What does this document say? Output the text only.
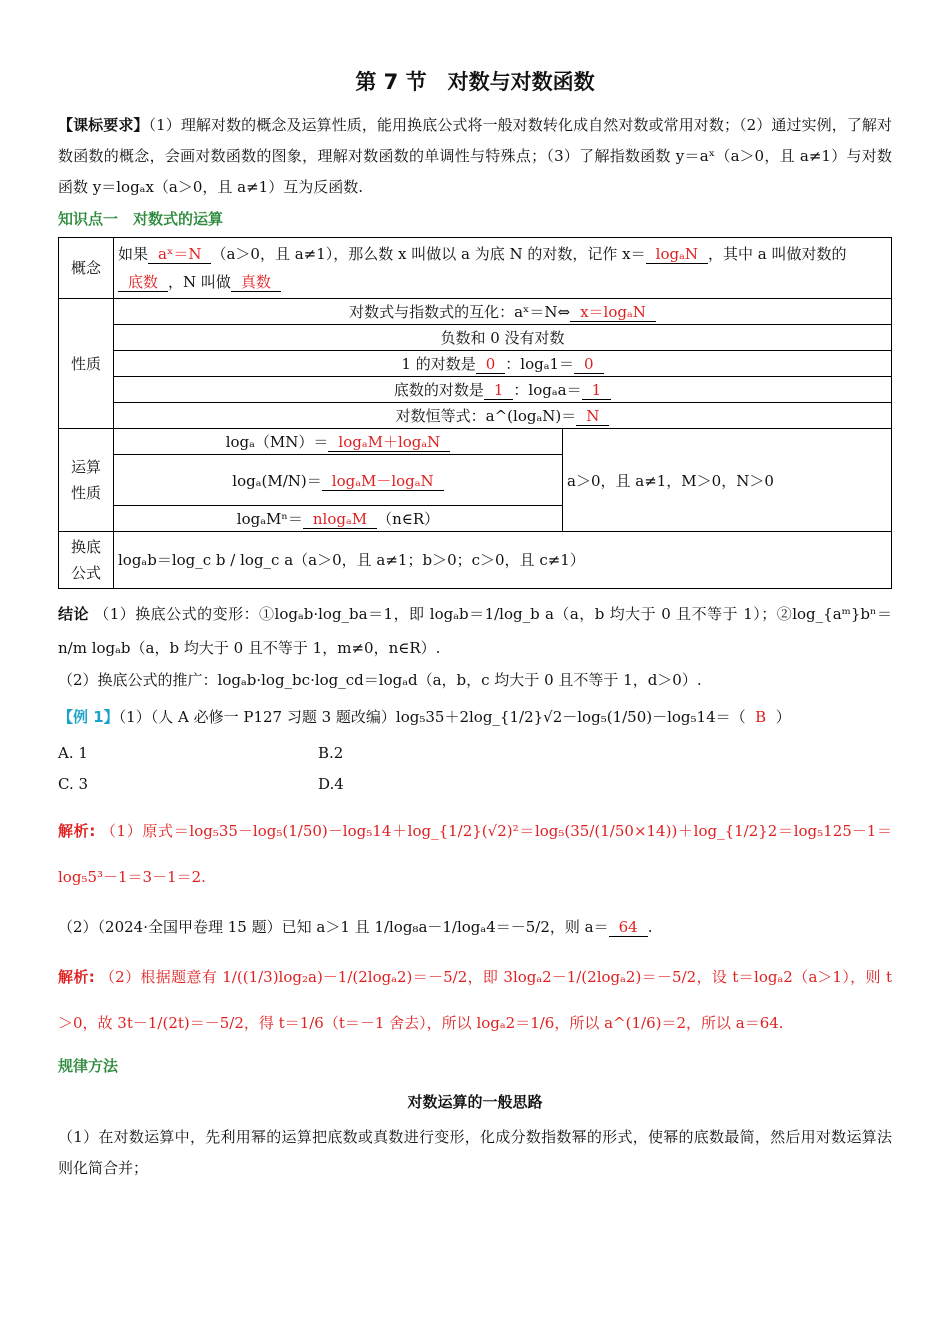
第 7 节　对数与对数函数

【课标要求】（1）理解对数的概念及运算性质，能用换底公式将一般对数转化成自然对数或常用对数；（2）通过实例，了解对数函数的概念，会画对数函数的图象，理解对数函数的单调性与特殊点；（3）了解指数函数 y＝aˣ（a＞0，且 a≠1）与对数函数 y＝logₐx（a＞0，且 a≠1）互为反函数.

知识点一　对数式的运算
概念	如果 aˣ＝N （a＞0，且 a≠1），那么数 x 叫做以 a 为底 N 的对数，记作 x＝ logₐN ，其中 a 叫做对数的底数 ，N 叫做 真数	
性质	对数式与指数式的互化：aˣ＝N⇔ x＝logₐN	
	负数和 0 没有对数	
	1 的对数是 0 ：logₐ1＝ 0	
	底数的对数是 1 ：logₐa＝ 1	
	对数恒等式：a^(logₐN)＝ N	
运算
性质	logₐ（MN）＝ logₐM＋logₐN	a＞0，且 a≠1，M＞0，N＞0
	logₐ(M/N)＝ logₐM－logₐN	
	logₐMⁿ＝ nlogₐM （n∈R）	
换底
公式	logₐb＝log_c b / log_c a（a＞0，且 a≠1；b＞0；c＞0，且 c≠1）	

结论 （1）换底公式的变形：①logₐb·log_ba＝1，即 logₐb＝1/log_b a（a，b 均大于 0 且不等于 1）；②log_{aᵐ}bⁿ＝n/m logₐb（a，b 均大于 0 且不等于 1，m≠0，n∈R）.

（2）换底公式的推广：logₐb·log_bc·log_cd＝logₐd（a，b，c 均大于 0 且不等于 1，d＞0）.

【例 1】（1）（人 A 必修一 P127 习题 3 题改编）log₅35＋2log_{1/2}√2－log₅(1/50)－log₅14＝（ B ）

A. 1	B.2
C. 3	D.4

解析: （1）原式＝log₅35－log₅(1/50)－log₅14＋log_{1/2}(√2)²＝log₅(35/(1/50×14))＋log_{1/2}2＝log₅125－1＝log₅5³－1＝3－1＝2.

（2）（2024·全国甲卷理 15 题）已知 a＞1 且 1/log₈a－1/logₐ4＝－5/2，则 a＝ 64 .

解析: （2）根据题意有 1/((1/3)log₂a)－1/(2logₐ2)＝－5/2，即 3logₐ2－1/(2logₐ2)＝－5/2，设 t＝logₐ2（a＞1），则 t＞0，故 3t－1/(2t)＝－5/2，得 t＝1/6（t＝－1 舍去），所以 logₐ2＝1/6，所以 a^(1/6)＝2，所以 a＝64.

规律方法
对数运算的一般思路

（1）在对数运算中，先利用幂的运算把底数或真数进行变形，化成分数指数幂的形式，使幂的底数最简，然后用对数运算法则化简合并；
